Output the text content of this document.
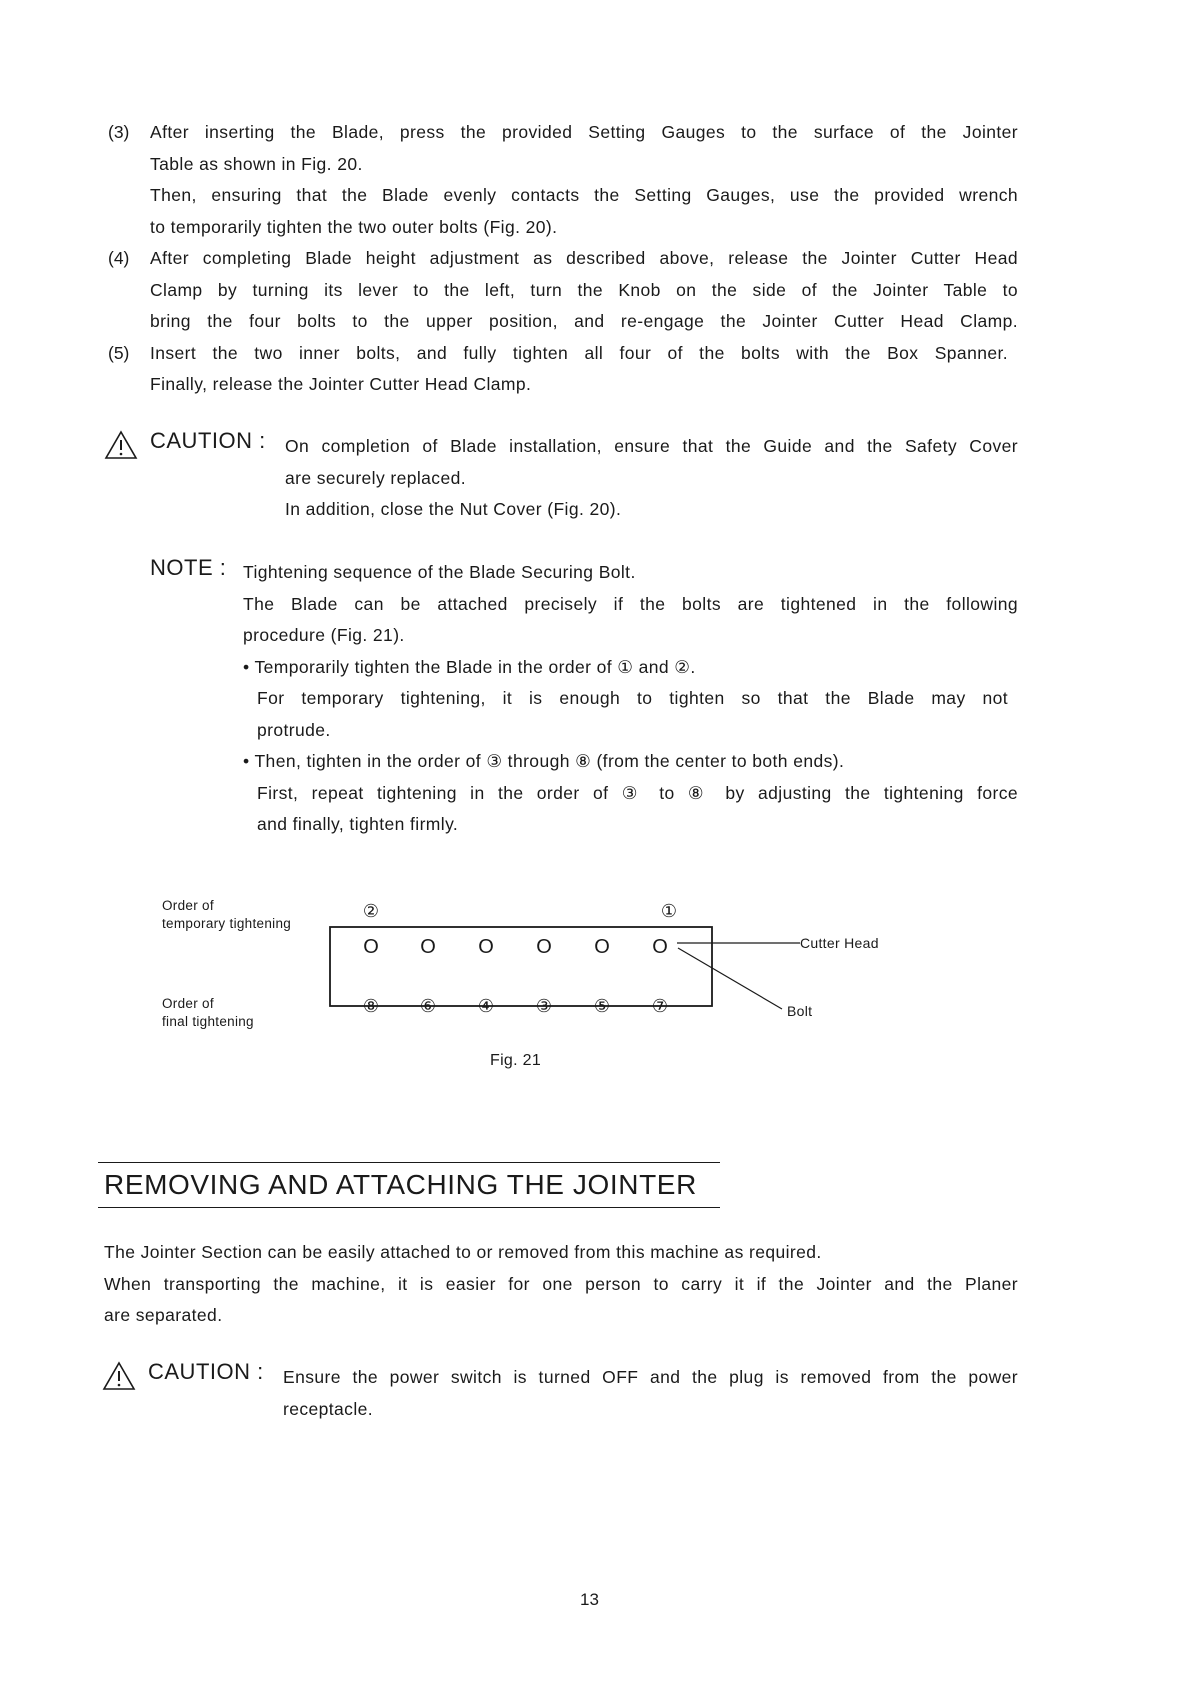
(3) After inserting the Blade, press the provided Setting Gauges to the surface of the Jointer
Table as shown in Fig. 20.
Then, ensuring that the Blade evenly contacts the Setting Gauges, use the provided wrench
to temporarily tighten the two outer bolts (Fig. 20).
(4) After completing Blade height adjustment as described above, release the Jointer Cutter Head
Clamp by turning its lever to the left, turn the Knob on the side of the Jointer Table to
bring the four bolts to the upper position, and re-engage the Jointer Cutter Head Clamp.
(5) Insert the two inner bolts, and fully tighten all four of the bolts with the Box Spanner.
Finally, release the Jointer Cutter Head Clamp.
CAUTION : On completion of Blade installation, ensure that the Guide and the Safety Cover
are securely replaced.
In addition, close the Nut Cover (Fig. 20).
NOTE : Tightening sequence of the Blade Securing Bolt.
The Blade can be attached precisely if the bolts are tightened in the following
procedure (Fig. 21).
• Temporarily tighten the Blade in the order of ① and ②.
For temporary tightening, it is enough to tighten so that the Blade may not
protrude.
• Then, tighten in the order of ③ through ⑧ (from the center to both ends).
First, repeat tightening in the order of ③ to ⑧ by adjusting the tightening force
and finally, tighten firmly.
Order of
temporary tightening
Order of
final tightening
②	①
O O O O O O
⑧ ⑥ ④ ③ ⑤ ⑦
Cutter Head
Bolt
Fig. 21
REMOVING AND ATTACHING THE JOINTER
The Jointer Section can be easily attached to or removed from this machine as required.
When transporting the machine, it is easier for one person to carry it if the Jointer and the Planer
are separated.
CAUTION : Ensure the power switch is turned OFF and the plug is removed from the power
receptacle.
13
